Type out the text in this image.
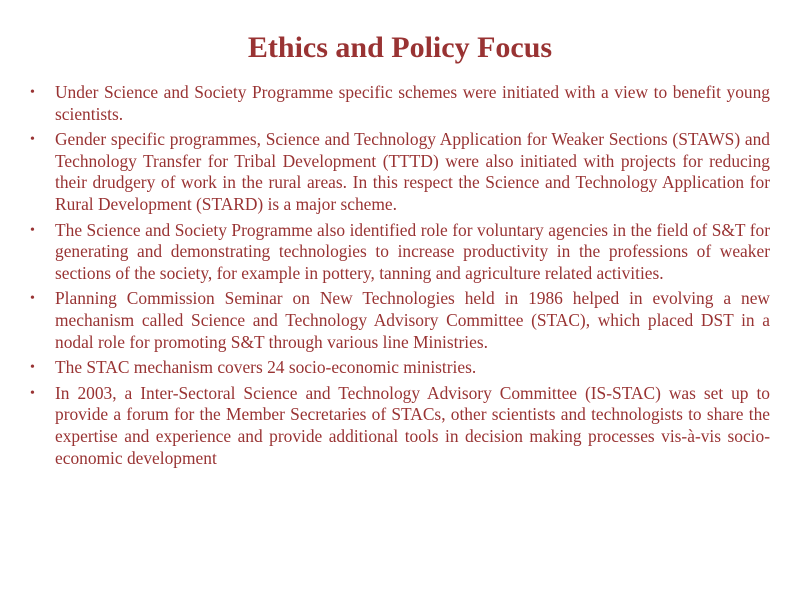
Ethics and Policy Focus
• Under Science and Society Programme specific schemes were initiated with a view to benefit young scientists.
• Gender specific programmes, Science and Technology Application for Weaker Sections (STAWS) and Technology Transfer for Tribal Development (TTTD) were also initiated with projects for reducing their drudgery of work in the rural areas. In this respect the Science and Technology Application for Rural Development (STARD) is a major scheme.
• The Science and Society Programme also identified role for voluntary agencies in the field of S&T for generating and demonstrating technologies to increase productivity in the professions of weaker sections of the society, for example in pottery, tanning and agriculture related activities.
• Planning Commission Seminar on New Technologies held in 1986 helped in evolving a new mechanism called Science and Technology Advisory Committee (STAC), which placed DST in a nodal role for promoting S&T through various line Ministries.
• The STAC mechanism covers 24 socio-economic ministries.
• In 2003, a Inter-Sectoral Science and Technology Advisory Committee (IS-STAC) was set up to provide a forum for the Member Secretaries of STACs, other scientists and technologists to share the expertise and experience and provide additional tools in decision making processes vis-à-vis socio-economic development
